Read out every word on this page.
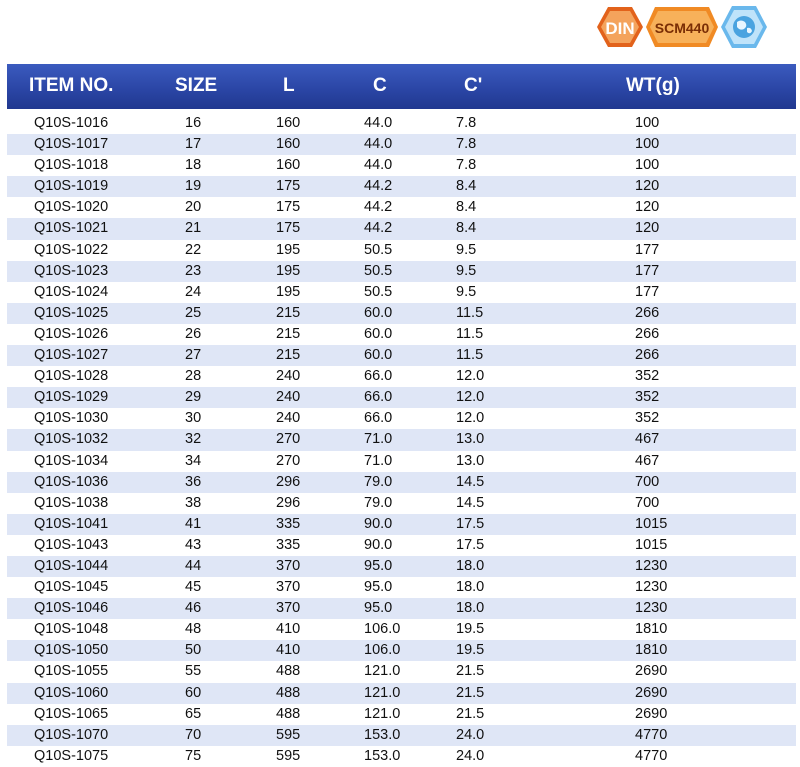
DIN SCM440
ITEM NO.	SIZE	L	C	C'	WT(g)
Q10S-1016	16	160	44.0	7.8	100
Q10S-1017	17	160	44.0	7.8	100
Q10S-1018	18	160	44.0	7.8	100
Q10S-1019	19	175	44.2	8.4	120
Q10S-1020	20	175	44.2	8.4	120
Q10S-1021	21	175	44.2	8.4	120
Q10S-1022	22	195	50.5	9.5	177
Q10S-1023	23	195	50.5	9.5	177
Q10S-1024	24	195	50.5	9.5	177
Q10S-1025	25	215	60.0	11.5	266
Q10S-1026	26	215	60.0	11.5	266
Q10S-1027	27	215	60.0	11.5	266
Q10S-1028	28	240	66.0	12.0	352
Q10S-1029	29	240	66.0	12.0	352
Q10S-1030	30	240	66.0	12.0	352
Q10S-1032	32	270	71.0	13.0	467
Q10S-1034	34	270	71.0	13.0	467
Q10S-1036	36	296	79.0	14.5	700
Q10S-1038	38	296	79.0	14.5	700
Q10S-1041	41	335	90.0	17.5	1015
Q10S-1043	43	335	90.0	17.5	1015
Q10S-1044	44	370	95.0	18.0	1230
Q10S-1045	45	370	95.0	18.0	1230
Q10S-1046	46	370	95.0	18.0	1230
Q10S-1048	48	410	106.0	19.5	1810
Q10S-1050	50	410	106.0	19.5	1810
Q10S-1055	55	488	121.0	21.5	2690
Q10S-1060	60	488	121.0	21.5	2690
Q10S-1065	65	488	121.0	21.5	2690
Q10S-1070	70	595	153.0	24.0	4770
Q10S-1075	75	595	153.0	24.0	4770
